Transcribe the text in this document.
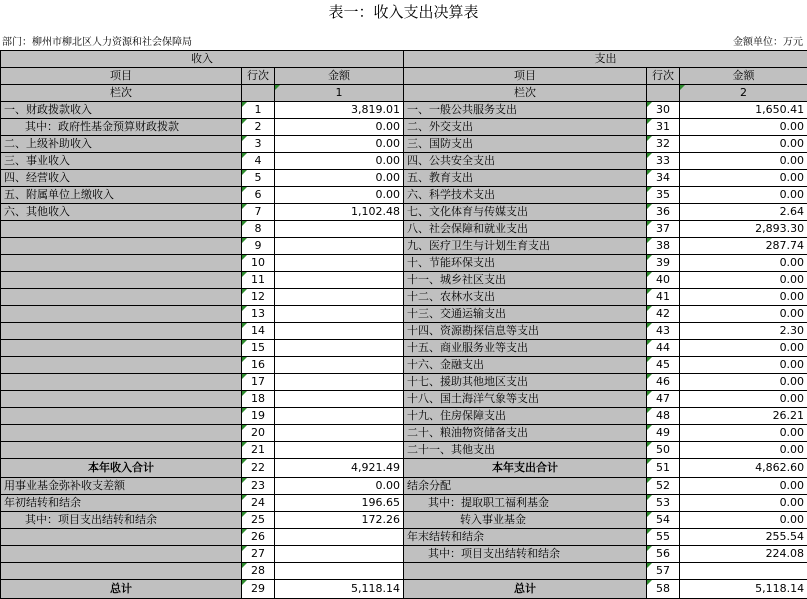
表一：收入支出决算表
部门：柳州市柳北区人力资源和社会保障局	金额单位：万元
收入			支出		
项目	行次	金额	项目	行次	金额
栏次		1	栏次		2
一、财政拨款收入	1	3,819.01	一、一般公共服务支出	30	1,650.41
其中：政府性基金预算财政拨款	2	0.00	二、外交支出	31	0.00
二、上级补助收入	3	0.00	三、国防支出	32	0.00
三、事业收入	4	0.00	四、公共安全支出	33	0.00
四、经营收入	5	0.00	五、教育支出	34	0.00
五、附属单位上缴收入	6	0.00	六、科学技术支出	35	0.00
六、其他收入	7	1,102.48	七、文化体育与传媒支出	36	2.64
	8		八、社会保障和就业支出	37	2,893.30
	9		九、医疗卫生与计划生育支出	38	287.74
	10		十、节能环保支出	39	0.00
	11		十一、城乡社区支出	40	0.00
	12		十二、农林水支出	41	0.00
	13		十三、交通运输支出	42	0.00
	14		十四、资源勘探信息等支出	43	2.30
	15		十五、商业服务业等支出	44	0.00
	16		十六、金融支出	45	0.00
	17		十七、援助其他地区支出	46	0.00
	18		十八、国土海洋气象等支出	47	0.00
	19		十九、住房保障支出	48	26.21
	20		二十、粮油物资储备支出	49	0.00
	21		二十一、其他支出	50	0.00
本年收入合计	22	4,921.49	本年支出合计	51	4,862.60
用事业基金弥补收支差额	23	0.00	结余分配	52	0.00
年初结转和结余	24	196.65	其中：提取职工福利基金	53	0.00
其中：项目支出结转和结余	25	172.26	转入事业基金	54	0.00
	26		年末结转和结余	55	255.54
	27		其中：项目支出结转和结余	56	224.08
	28			57	
总计	29	5,118.14	总计	58	5,118.14
